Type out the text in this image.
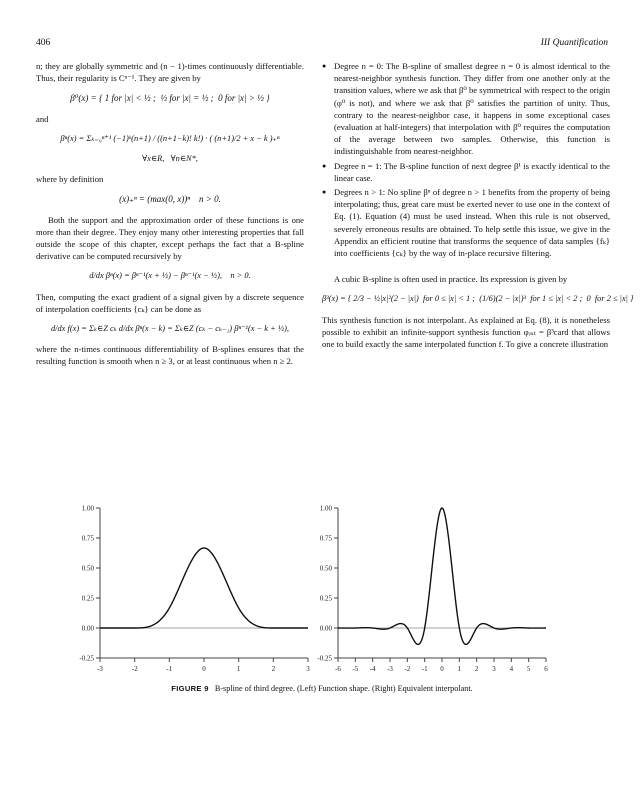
406	III Quantification

n; they are globally symmetric and (n − 1)-times continuously differentiable. Thus, their regularity is Cⁿ⁻¹. They are given by

β⁰(x) = { 1 for |x| < ½ ;  ½ for |x| = ½ ;  0 for |x| > ½ }

and

βⁿ(x) = Σₖ₌₀ⁿ⁺¹ (−1)ᵏ(n+1) / ((n+1−k)! k!) · ( (n+1)/2 + x − k )₊ⁿ
∀x∈R,   ∀n∈N*,

where by definition

(x)₊ⁿ = (max(0, x))ⁿ    n > 0.

Both the support and the approximation order of these functions is one more than their degree. They enjoy many other interesting properties that fall outside the scope of this chapter, except perhaps the fact that a B-spline derivative can be computed recursively by

d/dx βⁿ(x) = βⁿ⁻¹(x + ½) − βⁿ⁻¹(x − ½),    n > 0.

Then, computing the exact gradient of a signal given by a discrete sequence of interpolation coefficients {cₖ} can be done as

d/dx f(x) = Σₖ∈Z cₖ d/dx βⁿ(x − k) = Σₖ∈Z (cₖ − cₖ₋₁) βⁿ⁻¹(x − k + ½),

where the n-times continuous differentiability of B-splines ensures that the resulting function is smooth when n ≥ 3, or at least continuous when n ≥ 2.

● Degree n = 0: The B-spline of smallest degree n = 0 is almost identical to the nearest-neighbor synthesis function. They differ from one another only at the transition values, where we ask that β⁰ be symmetrical with respect to the origin (φ⁰ is not), and where we ask that β⁰ satisfies the partition of unity. Thus, contrary to the nearest-neighbor case, it happens in some exceptional cases (evaluation at half-integers) that interpolation with β⁰ requires the computation of the average between two samples. Otherwise, this function is indistinguishable from nearest-neighbor.
● Degree n = 1: The B-spline function of next degree β¹ is exactly identical to the linear case.
● Degrees n > 1: No spline βⁿ of degree n > 1 benefits from the property of being interpolating; thus, great care must be exerted never to use one in the context of Eq. (1). Equation (4) must be used instead. When this rule is not observed, severely erroneous results are obtained. To help settle this issue, we give in the Appendix an efficient routine that transforms the sequence of data samples {fₖ} into coefficients {cₖ} by the way of in-place recursive filtering.

A cubic B-spline is often used in practice. Its expression is given by

β³(x) = { 2/3 − ½|x|²(2 − |x|)  for 0 ≤ |x| < 1 ;  (1/6)(2 − |x|)³  for 1 ≤ |x| < 2 ;  0  for 2 ≤ |x| }

This synthesis function is not interpolant. As explained at Eq. (8), it is nonetheless possible to exhibit an infinite-support synthesis function φᵢₙₜ = β³card that allows one to build exactly the same interpolated function f. To give a concrete illustration

1.00
0.75
0.50
0.25
0.00
-0.25
-3	-2	-1	0	1	2	3
1.00
0.75
0.50
0.25
0.00
-0.25
-6 -5 -4 -3 -2 -1 0 1 2 3 4 5 6
FIGURE 9 B-spline of third degree. (Left) Function shape. (Right) Equivalent interpolant.
